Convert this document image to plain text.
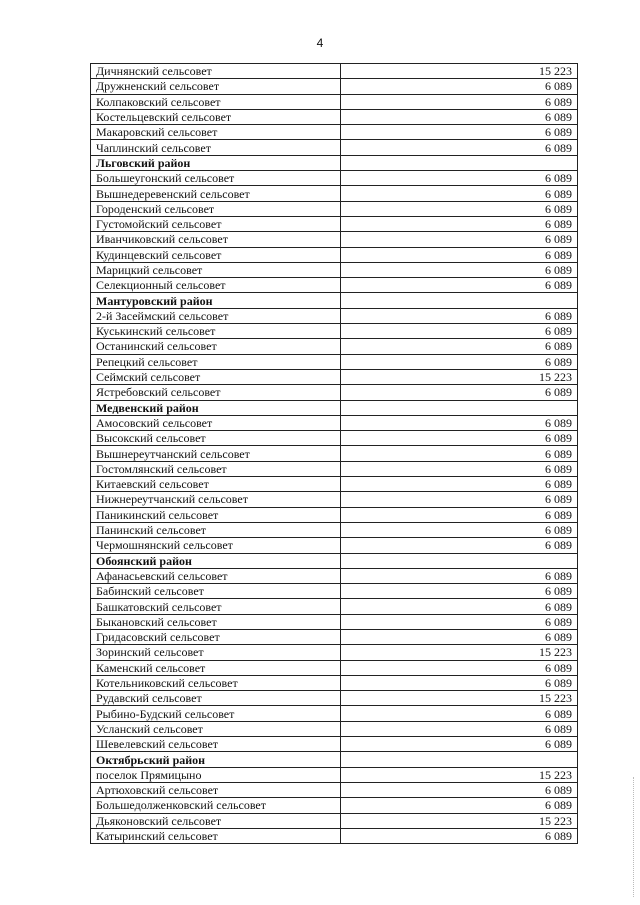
4
Дичнянский сельсовет	15 223
Дружненский сельсовет	6 089
Колпаковский сельсовет	6 089
Костельцевский сельсовет	6 089
Макаровский сельсовет	6 089
Чаплинский сельсовет	6 089
Льговский район	
Большеугонский сельсовет	6 089
Вышнедеревенский сельсовет	6 089
Городенский сельсовет	6 089
Густомойский сельсовет	6 089
Иванчиковский сельсовет	6 089
Кудинцевский сельсовет	6 089
Марицкий сельсовет	6 089
Селекционный сельсовет	6 089
Мантуровский район	
2-й Засеймский сельсовет	6 089
Куськинский сельсовет	6 089
Останинский сельсовет	6 089
Репецкий сельсовет	6 089
Сеймский сельсовет	15 223
Ястребовский сельсовет	6 089
Медвенский район	
Амосовский сельсовет	6 089
Высокский сельсовет	6 089
Вышнереутчанский сельсовет	6 089
Гостомлянский сельсовет	6 089
Китаевский сельсовет	6 089
Нижнереутчанский сельсовет	6 089
Паникинский сельсовет	6 089
Панинский сельсовет	6 089
Чермошнянский сельсовет	6 089
Обоянский район	
Афанасьевский сельсовет	6 089
Бабинский сельсовет	6 089
Башкатовский сельсовет	6 089
Быкановский сельсовет	6 089
Гридасовский сельсовет	6 089
Зоринский сельсовет	15 223
Каменский сельсовет	6 089
Котельниковский сельсовет	6 089
Рудавский сельсовет	15 223
Рыбино-Будский сельсовет	6 089
Усланский сельсовет	6 089
Шевелевский сельсовет	6 089
Октябрьский район	
поселок Прямицыно	15 223
Артюховский сельсовет	6 089
Большедолженковский сельсовет	6 089
Дьяконовский сельсовет	15 223
Катыринский сельсовет	6 089
